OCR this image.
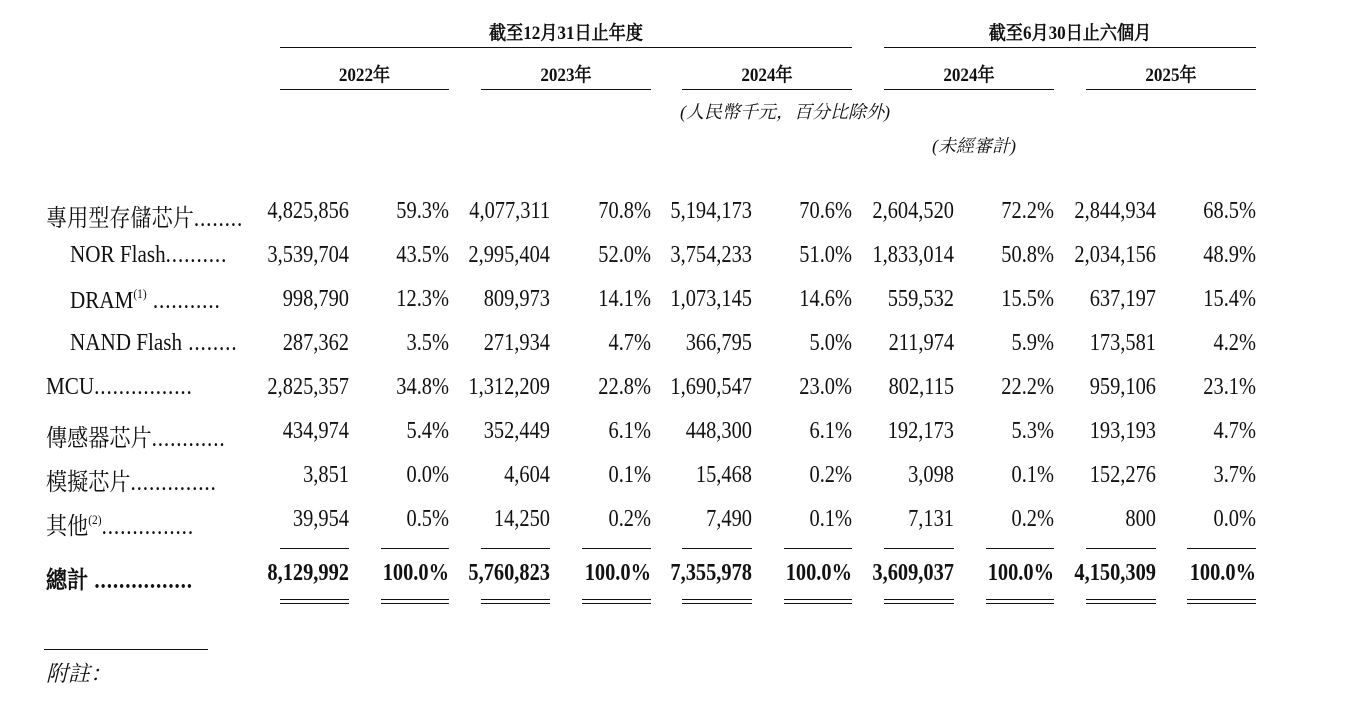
截至12月31日止年度	截至6月30日止六個月
2022年	2023年	2024年	2024年	2025年
(人民幣千元，百分比除外)
(未經審計)
專用型存儲芯片........	4,825,856	59.3% 4,077,311	70.8% 5,194,173	70.6% 2,604,520	72.2% 2,844,934	68.5%
NOR Flash..........	3,539,704	43.5% 2,995,404	52.0% 3,754,233	51.0% 1,833,014	50.8% 2,034,156	48.9%
DRAM$^{(1)}$ ...........	998,790	12.3%	809,973	14.1% 1,073,145	14.6%	559,532	15.5%	637,197	15.4%
NAND Flash ........	287,362	3.5%	271,934	4.7%	366,795	5.0%	211,974	5.9%	173,581	4.2%
MCU................	2,825,357	34.8% 1,312,209	22.8% 1,690,547	23.0%	802,115	22.2%	959,106	23.1%
傳感器芯片............	434,974	5.4%	352,449	6.1%	448,300	6.1%	192,173	5.3%	193,193	4.7%
模擬芯片..............	3,851	0.0%	4,604	0.1%	15,468	0.2%	3,098	0.1%	152,276	3.7%
其他$^{(2)}$...............	39,954	0.5%	14,250	0.2%	7,490	0.1%	7,131	0.2%	800	0.0%
總計 ................	8,129,992	100.0% 5,760,823	100.0% 7,355,978	100.0% 3,609,037	100.0% 4,150,309	100.0%
附註：
